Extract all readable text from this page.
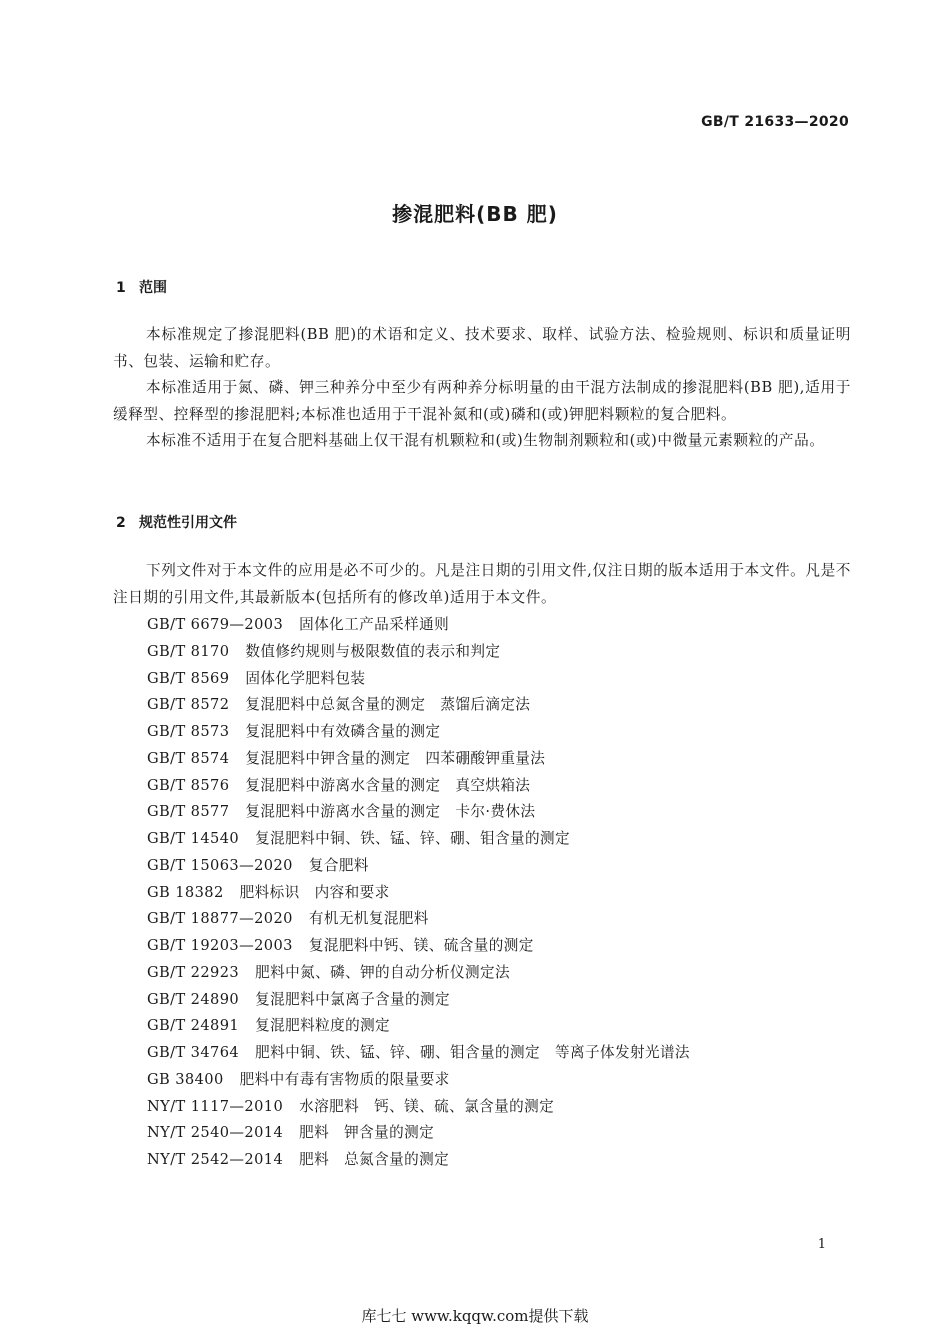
GB/T 21633—2020
掺混肥料(BB 肥)
1 范围
本标准规定了掺混肥料(BB 肥)的术语和定义、技术要求、取样、试验方法、检验规则、标识和质量证明书、包装、运输和贮存。
本标准适用于氮、磷、钾三种养分中至少有两种养分标明量的由干混方法制成的掺混肥料(BB 肥),适用于缓释型、控释型的掺混肥料;本标准也适用于干混补氮和(或)磷和(或)钾肥料颗粒的复合肥料。
本标准不适用于在复合肥料基础上仅干混有机颗粒和(或)生物制剂颗粒和(或)中微量元素颗粒的产品。
2 规范性引用文件
下列文件对于本文件的应用是必不可少的。凡是注日期的引用文件,仅注日期的版本适用于本文件。凡是不注日期的引用文件,其最新版本(包括所有的修改单)适用于本文件。
GB/T 6679—2003 固体化工产品采样通则
GB/T 8170 数值修约规则与极限数值的表示和判定
GB/T 8569 固体化学肥料包装
GB/T 8572 复混肥料中总氮含量的测定　蒸馏后滴定法
GB/T 8573 复混肥料中有效磷含量的测定
GB/T 8574 复混肥料中钾含量的测定　四苯硼酸钾重量法
GB/T 8576 复混肥料中游离水含量的测定　真空烘箱法
GB/T 8577 复混肥料中游离水含量的测定　卡尔·费休法
GB/T 14540 复混肥料中铜、铁、锰、锌、硼、钼含量的测定
GB/T 15063—2020 复合肥料
GB 18382 肥料标识　内容和要求
GB/T 18877—2020 有机无机复混肥料
GB/T 19203—2003 复混肥料中钙、镁、硫含量的测定
GB/T 22923 肥料中氮、磷、钾的自动分析仪测定法
GB/T 24890 复混肥料中氯离子含量的测定
GB/T 24891 复混肥料粒度的测定
GB/T 34764 肥料中铜、铁、锰、锌、硼、钼含量的测定　等离子体发射光谱法
GB 38400 肥料中有毒有害物质的限量要求
NY/T 1117—2010 水溶肥料　钙、镁、硫、氯含量的测定
NY/T 2540—2014 肥料　钾含量的测定
NY/T 2542—2014 肥料　总氮含量的测定
1
库七七 www.kqqw.com提供下载
